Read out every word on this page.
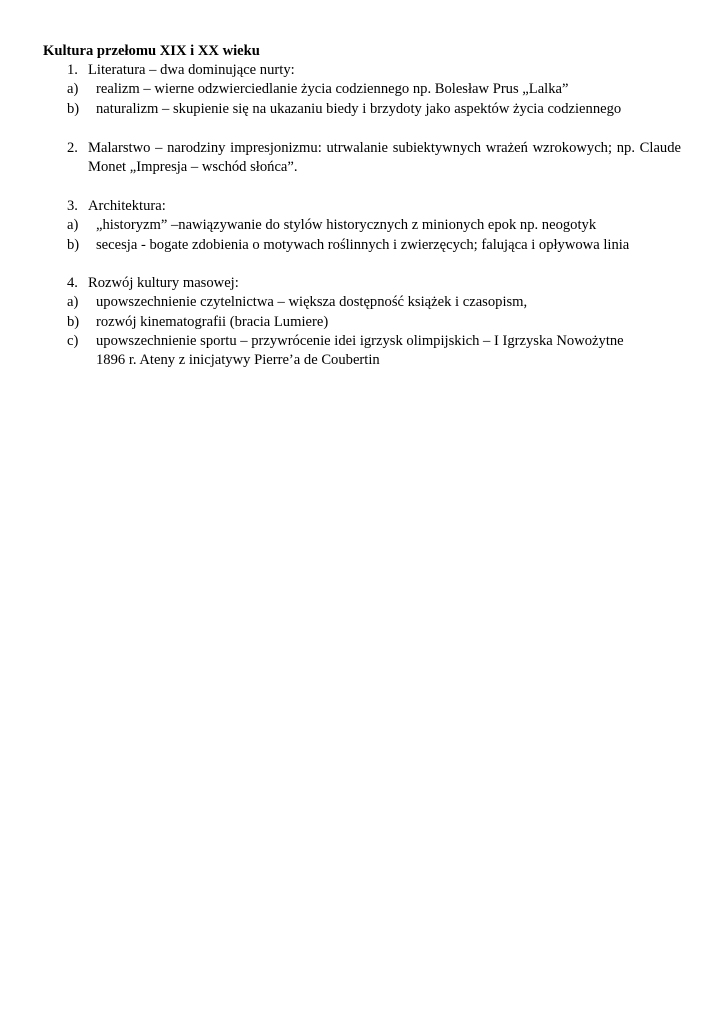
Kultura przełomu XIX i XX wieku
1. Literatura – dwa dominujące nurty:
a) realizm – wierne odzwierciedlanie życia codziennego np. Bolesław Prus „Lalka”
b) naturalizm – skupienie się na ukazaniu biedy i brzydoty jako aspektów życia codziennego
2. Malarstwo – narodziny impresjonizmu: utrwalanie subiektywnych wrażeń wzrokowych; np. Claude
Monet „Impresja – wschód słońca”.
3. Architektura:
a) „historyzm” –nawiązywanie do stylów historycznych z minionych epok np. neogotyk
b) secesja - bogate zdobienia o motywach roślinnych i zwierzęcych; falująca i opływowa linia
4. Rozwój kultury masowej:
a) upowszechnienie czytelnictwa – większa dostępność książek i czasopism,
b) rozwój kinematografii (bracia Lumiere)
c) upowszechnienie sportu – przywrócenie idei igrzysk olimpijskich – I Igrzyska Nowożytne
1896 r. Ateny z inicjatywy Pierre’a de Coubertin
